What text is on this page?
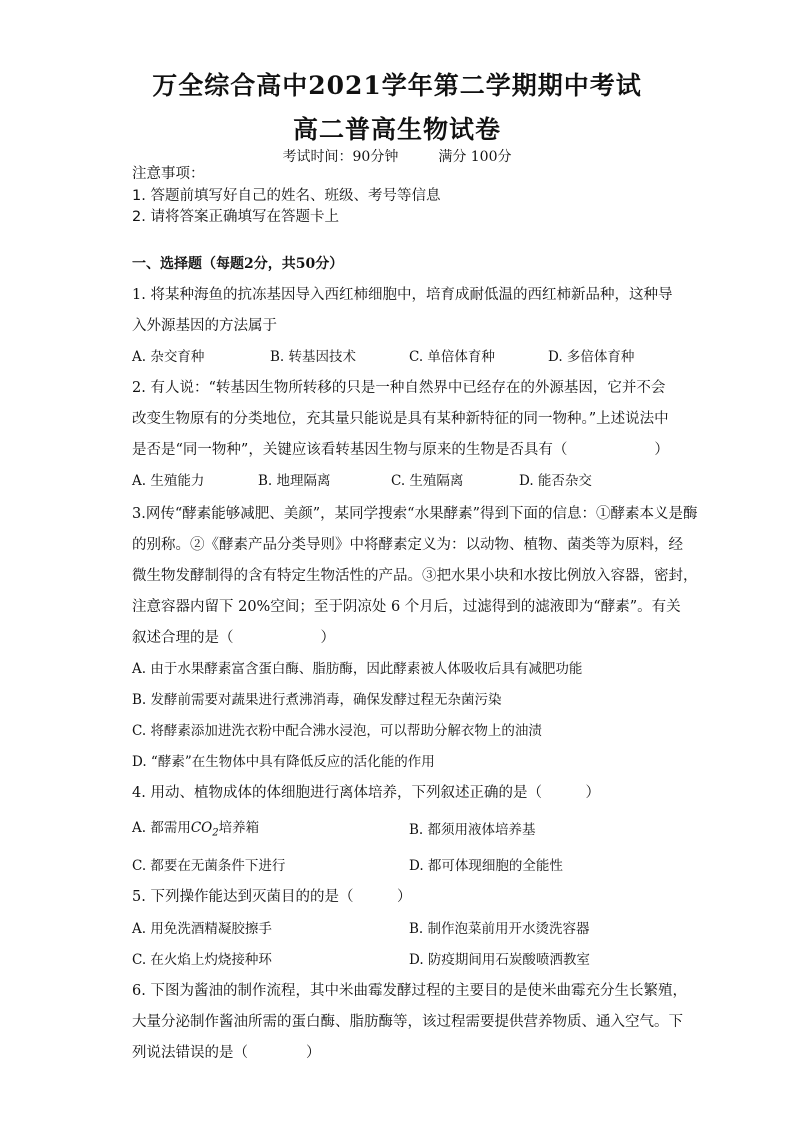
万全综合高中2021学年第二学期期中考试
高二普高生物试卷
考试时间：90分钟	满分 100分
注意事项：
1. 答题前填写好自己的姓名、班级、考号等信息
2. 请将答案正确填写在答题卡上
一、选择题（每题2分，共50分）
1. 将某种海鱼的抗冻基因导入西红柿细胞中，培育成耐低温的西红柿新品种，这种导
入外源基因的方法属于
A. 杂交育种	B. 转基因技术	C. 单倍体育种	D. 多倍体育种
2. 有人说：“转基因生物所转移的只是一种自然界中已经存在的外源基因，它并不会
改变生物原有的分类地位，充其量只能说是具有某种新特征的同一物种。”上述说法中
是否是“同一物种”，关键应该看转基因生物与原来的生物是否具有（　　　　　　）
A. 生殖能力	B. 地理隔离	C. 生殖隔离	D. 能否杂交
3.网传“酵素能够减肥、美颜”，某同学搜索“水果酵素”得到下面的信息：①酵素本义是酶
的别称。②《酵素产品分类导则》中将酵素定义为：以动物、植物、菌类等为原料，经
微生物发酵制得的含有特定生物活性的产品。③把水果小块和水按比例放入容器，密封，
注意容器内留下 20%空间；至于阴凉处 6 个月后，过滤得到的滤液即为“酵素”。有关
叙述合理的是（　　　　　　）
A. 由于水果酵素富含蛋白酶、脂肪酶，因此酵素被人体吸收后具有减肥功能
B. 发酵前需要对蔬果进行煮沸消毒，确保发酵过程无杂菌污染
C. 将酵素添加进洗衣粉中配合沸水浸泡，可以帮助分解衣物上的油渍
D. “酵素”在生物体中具有降低反应的活化能的作用
4. 用动、植物成体的体细胞进行离体培养，下列叙述正确的是（　　　）
A. 都需用$CO_2$培养箱	B. 都须用液体培养基
C. 都要在无菌条件下进行	D. 都可体现细胞的全能性
5. 下列操作能达到灭菌目的的是（　　　）
A. 用免洗酒精凝胶擦手	B. 制作泡菜前用开水烫洗容器
C. 在火焰上灼烧接种环	D. 防疫期间用石炭酸喷洒教室
6. 下图为酱油的制作流程，其中米曲霉发酵过程的主要目的是使米曲霉充分生长繁殖，
大量分泌制作酱油所需的蛋白酶、脂肪酶等，该过程需要提供营养物质、通入空气。下
列说法错误的是（　　　　）
